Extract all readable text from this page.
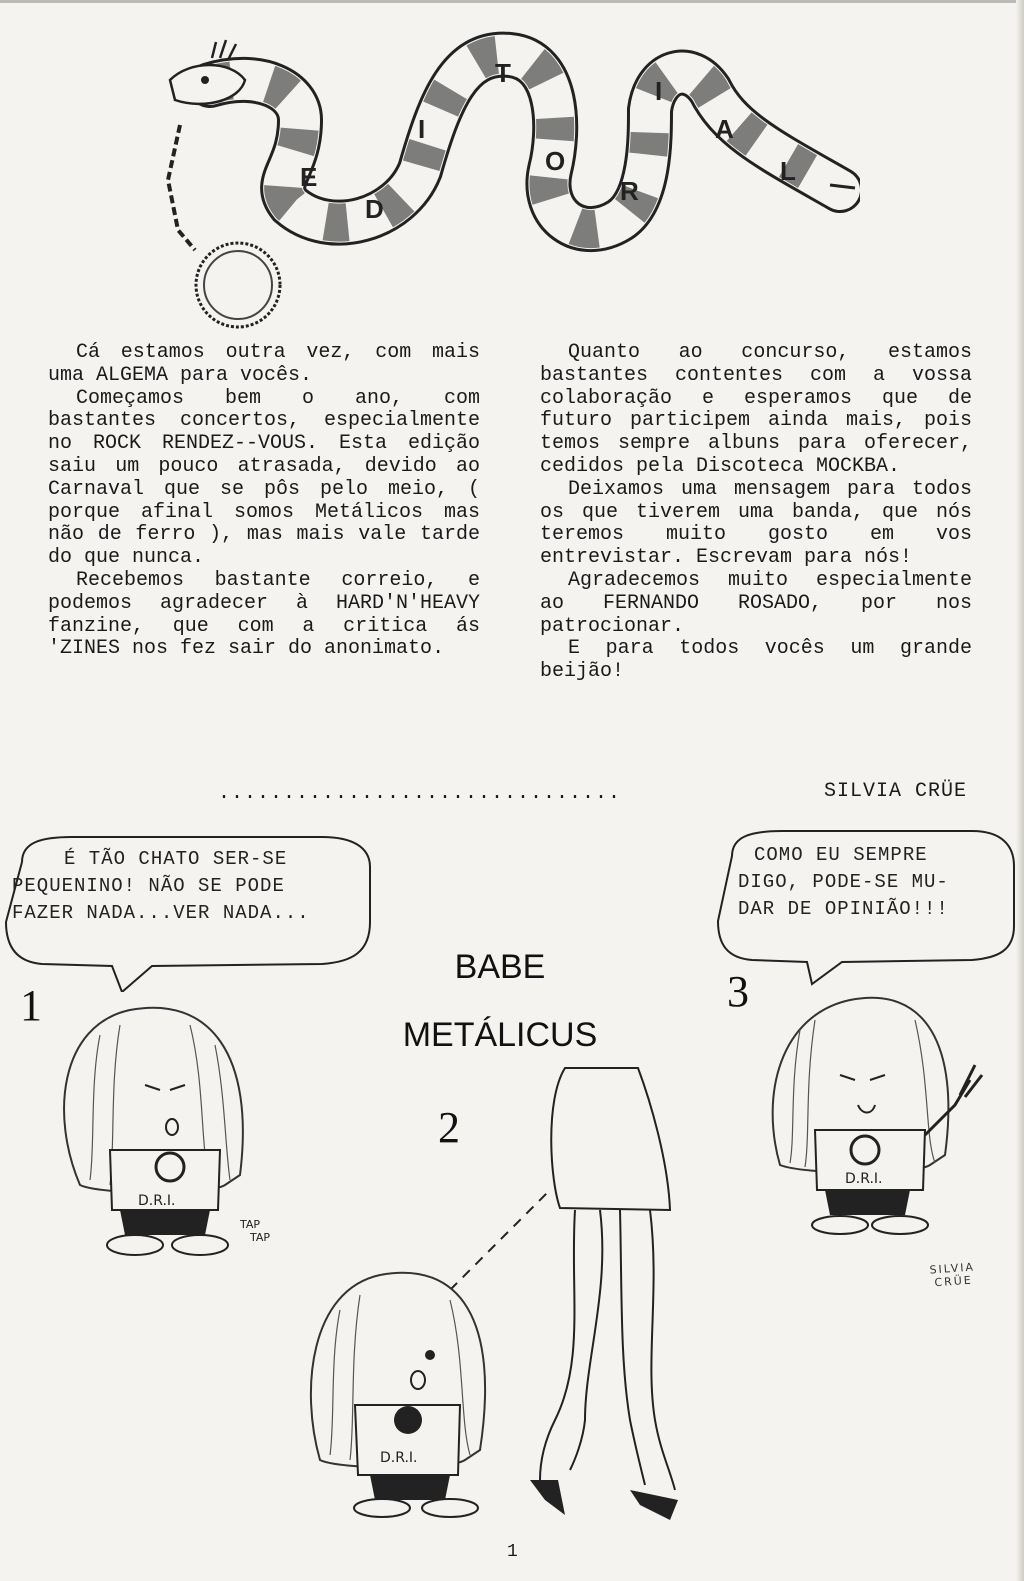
E
D
I
T
O
R
I
A
L

Cá estamos outra vez, com mais uma ALGEMA para vocês.

Começamos bem o ano, com bastantes concertos, especialmente no ROCK RENDEZ--VOUS. Esta edição saiu um pouco atrasada, devido ao Carnaval que se pôs pelo meio, ( porque afinal somos Metálicos mas não de ferro ), mas mais vale tarde do que nunca.

Recebemos bastante correio, e podemos agradecer à HARD'N'HEAVY fanzine, que com a critica ás 'ZINES nos fez sair do anonimato.

Quanto ao concurso, estamos bastantes contentes com a vossa colaboração e esperamos que de futuro participem ainda mais, pois temos sempre albuns para oferecer, cedidos pela Discoteca MOCKBA.

Deixamos uma mensagem para todos os que tiverem uma banda, que nós teremos muito gosto em vos entrevistar. Escrevam para nós!

Agradecemos muito especialmente ao FERNANDO ROSADO, por nos patrocionar.

E para todos vocês um grande beijão!

...............................	SILVIA CRÜE
BABE
METÁLICUS
É TÃO CHATO SER-SE
PEQUENINO! NÃO SE PODE
FAZER NADA...VER NADA...
1
D.R.I.
TAP
TAP
2
D.R.I.
COMO EU SEMPRE
DIGO, PODE-SE MU-
DAR DE OPINIÃO!!!
3
D.R.I.
SILVIA
CRÜE
1
